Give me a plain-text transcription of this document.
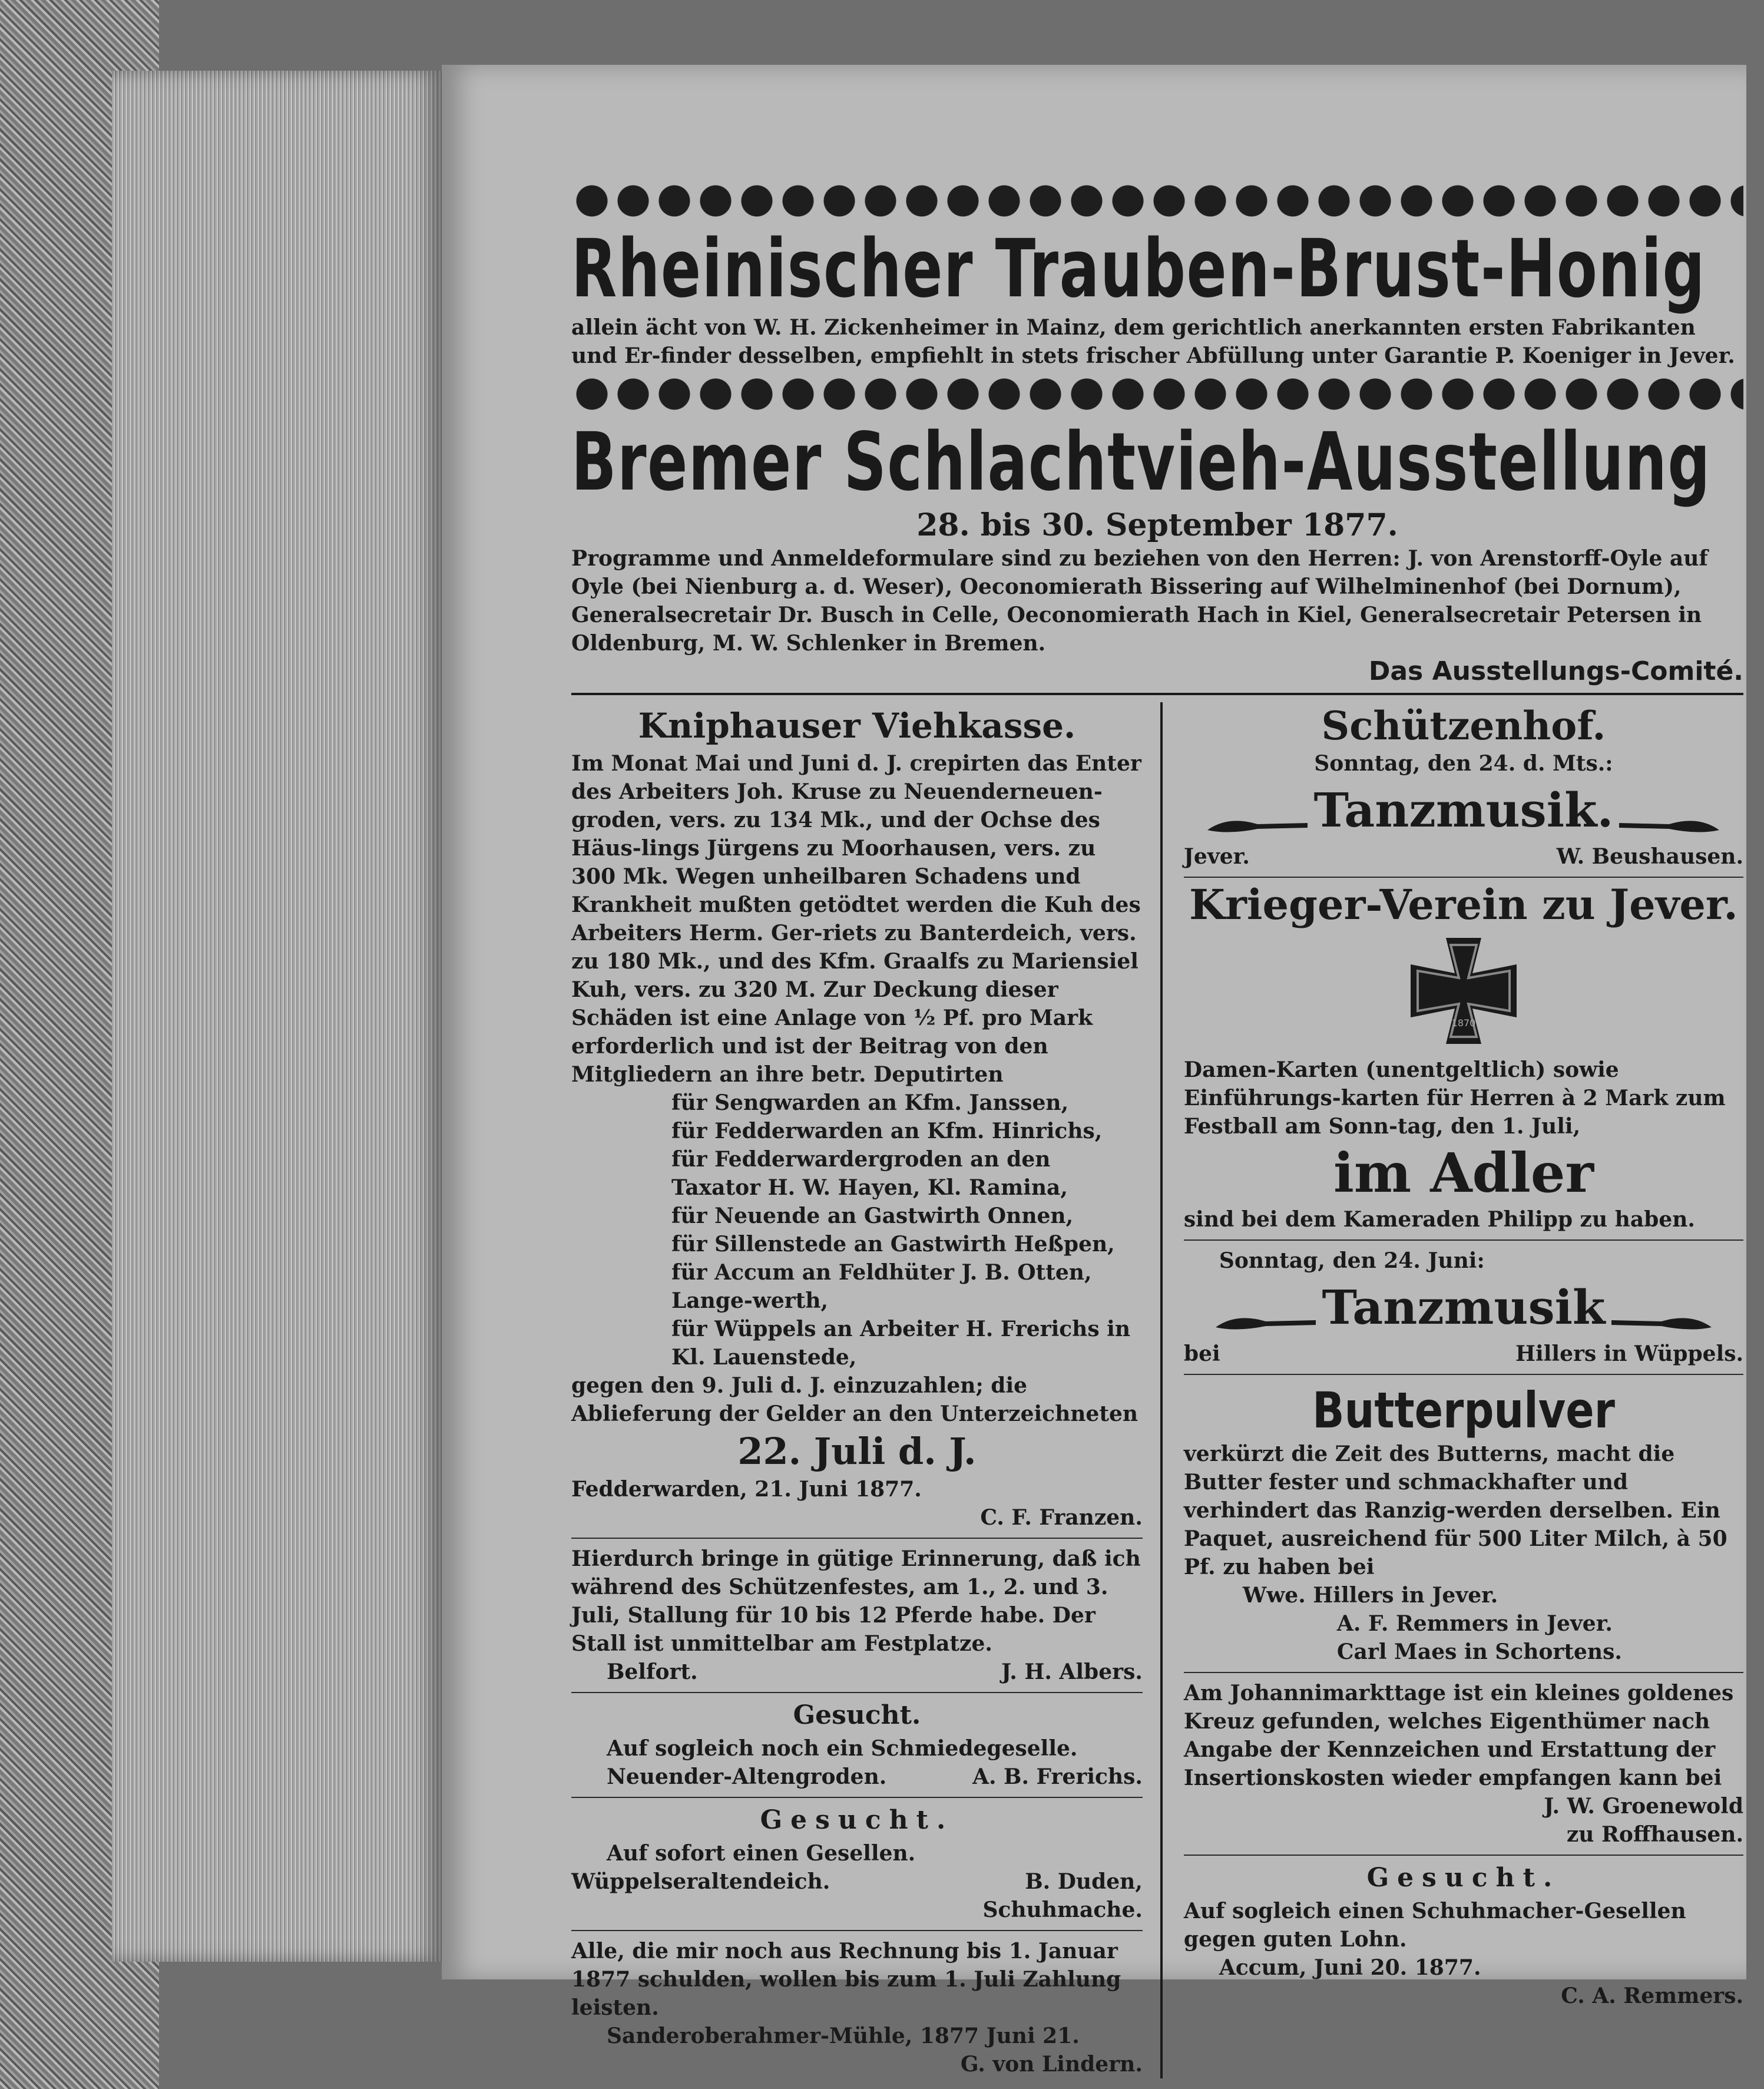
Rheinischer Trauben-Brust-Honig

allein ächt von W. H. Zickenheimer in Mainz, dem gerichtlich anerkannten ersten Fabrikanten und Er-finder desselben, empfiehlt in stets frischer Abfüllung unter Garantie P. Koeniger in Jever.

Bremer Schlachtvieh-Ausstellung
28. bis 30. September 1877.

Programme und Anmeldeformulare sind zu beziehen von den Herren: J. von Arenstorff-Oyle auf Oyle (bei Nienburg a. d. Weser), Oeconomierath Bissering auf Wilhelminenhof (bei Dornum), Generalsecretair Dr. Busch in Celle, Oeconomierath Hach in Kiel, Generalsecretair Petersen in Oldenburg, M. W. Schlenker in Bremen.

Das Ausstellungs-Comité.
Kniphauser Viehkasse.

Im Monat Mai und Juni d. J. crepirten das Enter des Arbeiters Joh. Kruse zu Neuenderneuen-groden, vers. zu 134 Mk., und der Ochse des Häus-lings Jürgens zu Moorhausen, vers. zu 300 Mk. Wegen unheilbaren Schadens und Krankheit mußten getödtet werden die Kuh des Arbeiters Herm. Ger-riets zu Banterdeich, vers. zu 180 Mk., und des Kfm. Graalfs zu Mariensiel Kuh, vers. zu 320 M. Zur Deckung dieser Schäden ist eine Anlage von ½ Pf. pro Mark erforderlich und ist der Beitrag von den Mitgliedern an ihre betr. Deputirten

für Sengwarden an Kfm. Janssen,
für Fedderwarden an Kfm. Hinrichs,
für Fedderwardergroden an den Taxator H. W. Hayen, Kl. Ramina,
für Neuende an Gastwirth Onnen,
für Sillenstede an Gastwirth Heßpen,
für Accum an Feldhüter J. B. Otten, Lange-werth,
für Wüppels an Arbeiter H. Frerichs in Kl. Lauenstede,

gegen den 9. Juli d. J. einzuzahlen; die Ablieferung der Gelder an den Unterzeichneten

22. Juli d. J.
Fedderwarden, 21. Juni 1877.
C. F. Franzen.

Hierdurch bringe in gütige Erinnerung, daß ich während des Schützenfestes, am 1., 2. und 3. Juli, Stallung für 10 bis 12 Pferde habe. Der Stall ist unmittelbar am Festplatze.

Belfort.	J. H. Albers.
Gesucht.
Auf sogleich noch ein Schmiedegeselle.
Neuender-Altengroden.	A. B. Frerichs.
Gesucht.
Auf sofort einen Gesellen.
Wüppelseraltendeich.	B. Duden,
Schuhmache.

Alle, die mir noch aus Rechnung bis 1. Januar 1877 schulden, wollen bis zum 1. Juli Zahlung leisten.

Sanderoberahmer-Mühle, 1877 Juni 21.
G. von Lindern.
Schützenhof.
Sonntag, den 24. d. Mts.:
Tanzmusik.
Jever.	W. Beushausen.
Krieger-Verein zu Jever.
1870

Damen-Karten (unentgeltlich) sowie Einführungs-karten für Herren à 2 Mark zum Festball am Sonn-tag, den 1. Juli,

im Adler
sind bei dem Kameraden Philipp zu haben.
Sonntag, den 24. Juni:
Tanzmusik
bei	Hillers in Wüppels.
Butterpulver

verkürzt die Zeit des Butterns, macht die Butter fester und schmackhafter und verhindert das Ranzig-werden derselben. Ein Paquet, ausreichend für 500 Liter Milch, à 50 Pf. zu haben bei

Wwe. Hillers in Jever.
A. F. Remmers in Jever.
Carl Maes in Schortens.

Am Johannimarkttage ist ein kleines goldenes Kreuz gefunden, welches Eigenthümer nach Angabe der Kennzeichen und Erstattung der Insertionskosten wieder empfangen kann bei

J. W. Groenewold
zu Roffhausen.
Gesucht.

Auf sogleich einen Schuhmacher-Gesellen gegen guten Lohn.

Accum, Juni 20. 1877.
C. A. Remmers.
